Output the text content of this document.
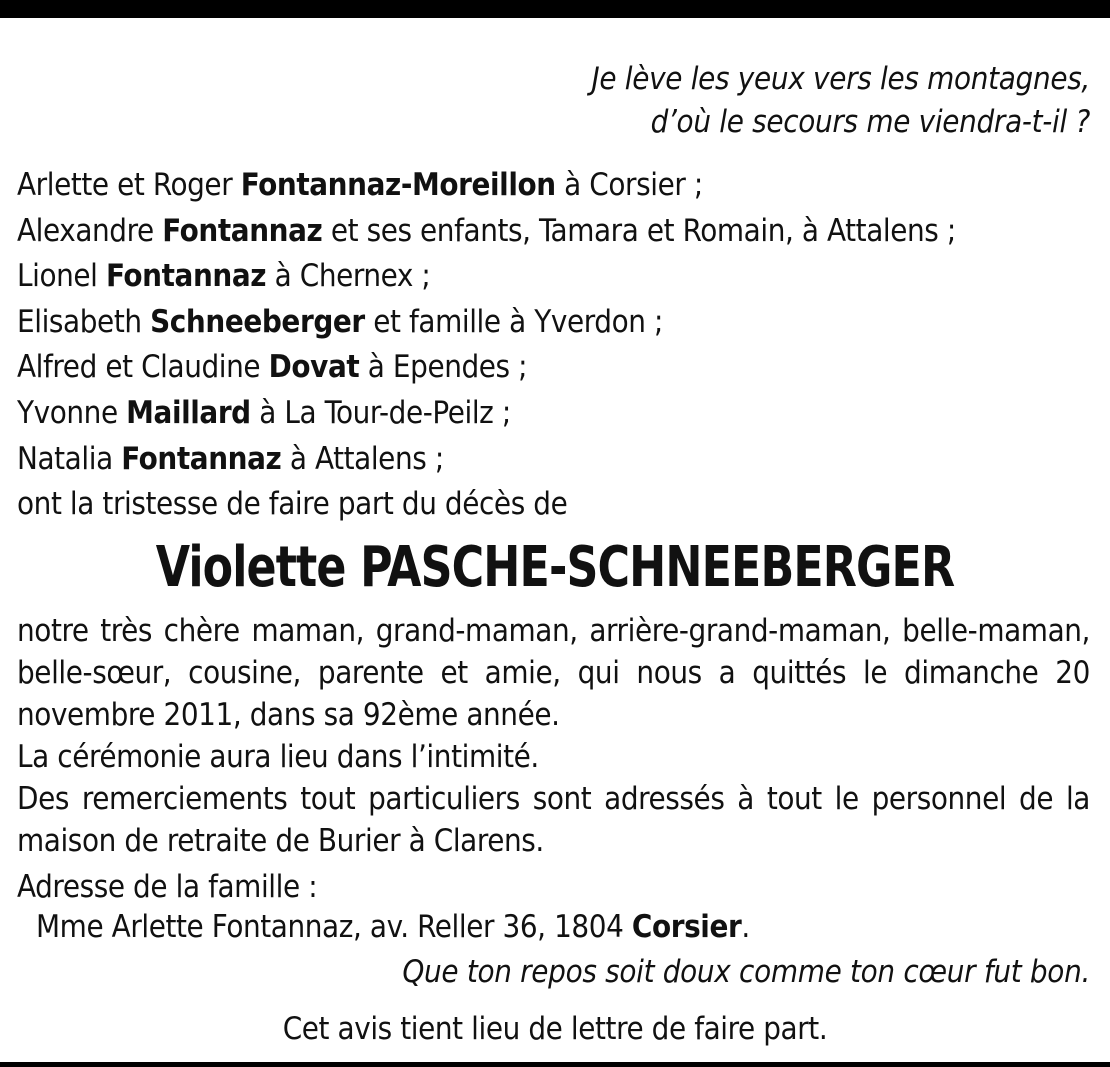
Je lève les yeux vers les montagnes,
d’où le secours me viendra-t-il ?
Arlette et Roger Fontannaz-Moreillon à Corsier ;
Alexandre Fontannaz et ses enfants, Tamara et Romain, à Attalens ;
Lionel Fontannaz à Chernex ;
Elisabeth Schneeberger et famille à Yverdon ;
Alfred et Claudine Dovat à Ependes ;
Yvonne Maillard à La Tour-de-Peilz ;
Natalia Fontannaz à Attalens ;
ont la tristesse de faire part du décès de
Violette PASCHE-SCHNEEBERGER
notre très chère maman, grand-maman, arrière-grand-maman, belle-maman, belle-sœur, cousine, parente et amie, qui nous a quittés le dimanche 20 novembre 2011, dans sa 92ème année.
La cérémonie aura lieu dans l’intimité.
Des remerciements tout particuliers sont adressés à tout le personnel de la maison de retraite de Burier à Clarens.
Adresse de la famille :
Mme Arlette Fontannaz, av. Reller 36, 1804 Corsier.
Que ton repos soit doux comme ton cœur fut bon.
Cet avis tient lieu de lettre de faire part.
